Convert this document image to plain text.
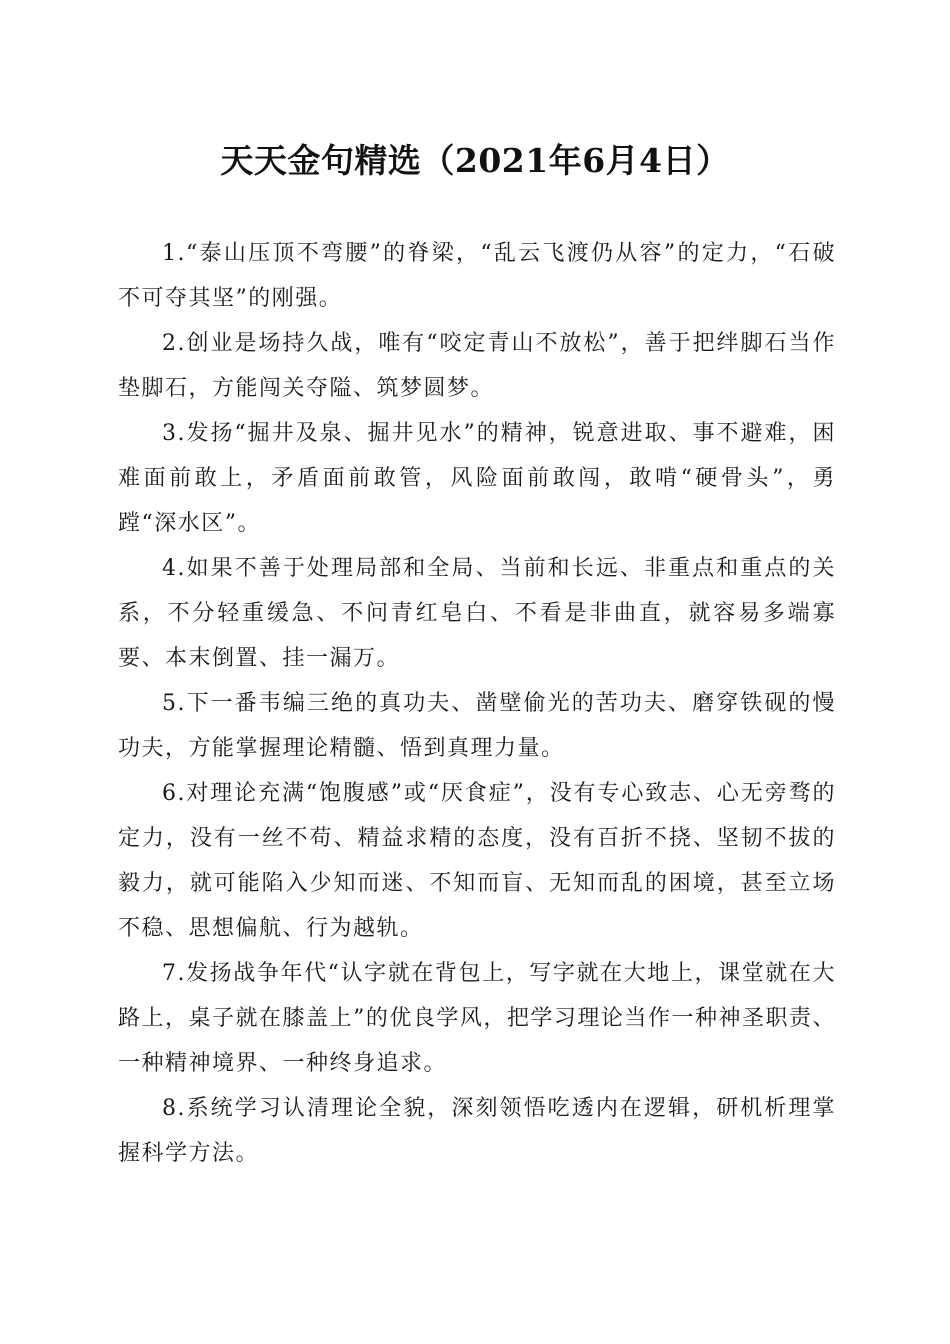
天天金句精选（2021年6月4日）

1.“泰山压顶不弯腰”的脊梁，“乱云飞渡仍从容”的定力，“石破不可夺其坚”的刚强。

2.创业是场持久战，唯有“咬定青山不放松”，善于把绊脚石当作垫脚石，方能闯关夺隘、筑梦圆梦。

3.发扬“掘井及泉、掘井见水”的精神，锐意进取、事不避难，困难面前敢上，矛盾面前敢管，风险面前敢闯，敢啃“硬骨头”，勇蹚“深水区”。

4.如果不善于处理局部和全局、当前和长远、非重点和重点的关系，不分轻重缓急、不问青红皂白、不看是非曲直，就容易多端寡要、本末倒置、挂一漏万。

5.下一番韦编三绝的真功夫、凿壁偷光的苦功夫、磨穿铁砚的慢功夫，方能掌握理论精髓、悟到真理力量。

6.对理论充满“饱腹感”或“厌食症”，没有专心致志、心无旁骛的定力，没有一丝不苟、精益求精的态度，没有百折不挠、坚韧不拔的毅力，就可能陷入少知而迷、不知而盲、无知而乱的困境，甚至立场不稳、思想偏航、行为越轨。

7.发扬战争年代“认字就在背包上，写字就在大地上，课堂就在大路上，桌子就在膝盖上”的优良学风，把学习理论当作一种神圣职责、一种精神境界、一种终身追求。

8.系统学习认清理论全貌，深刻领悟吃透内在逻辑，研机析理掌握科学方法。
